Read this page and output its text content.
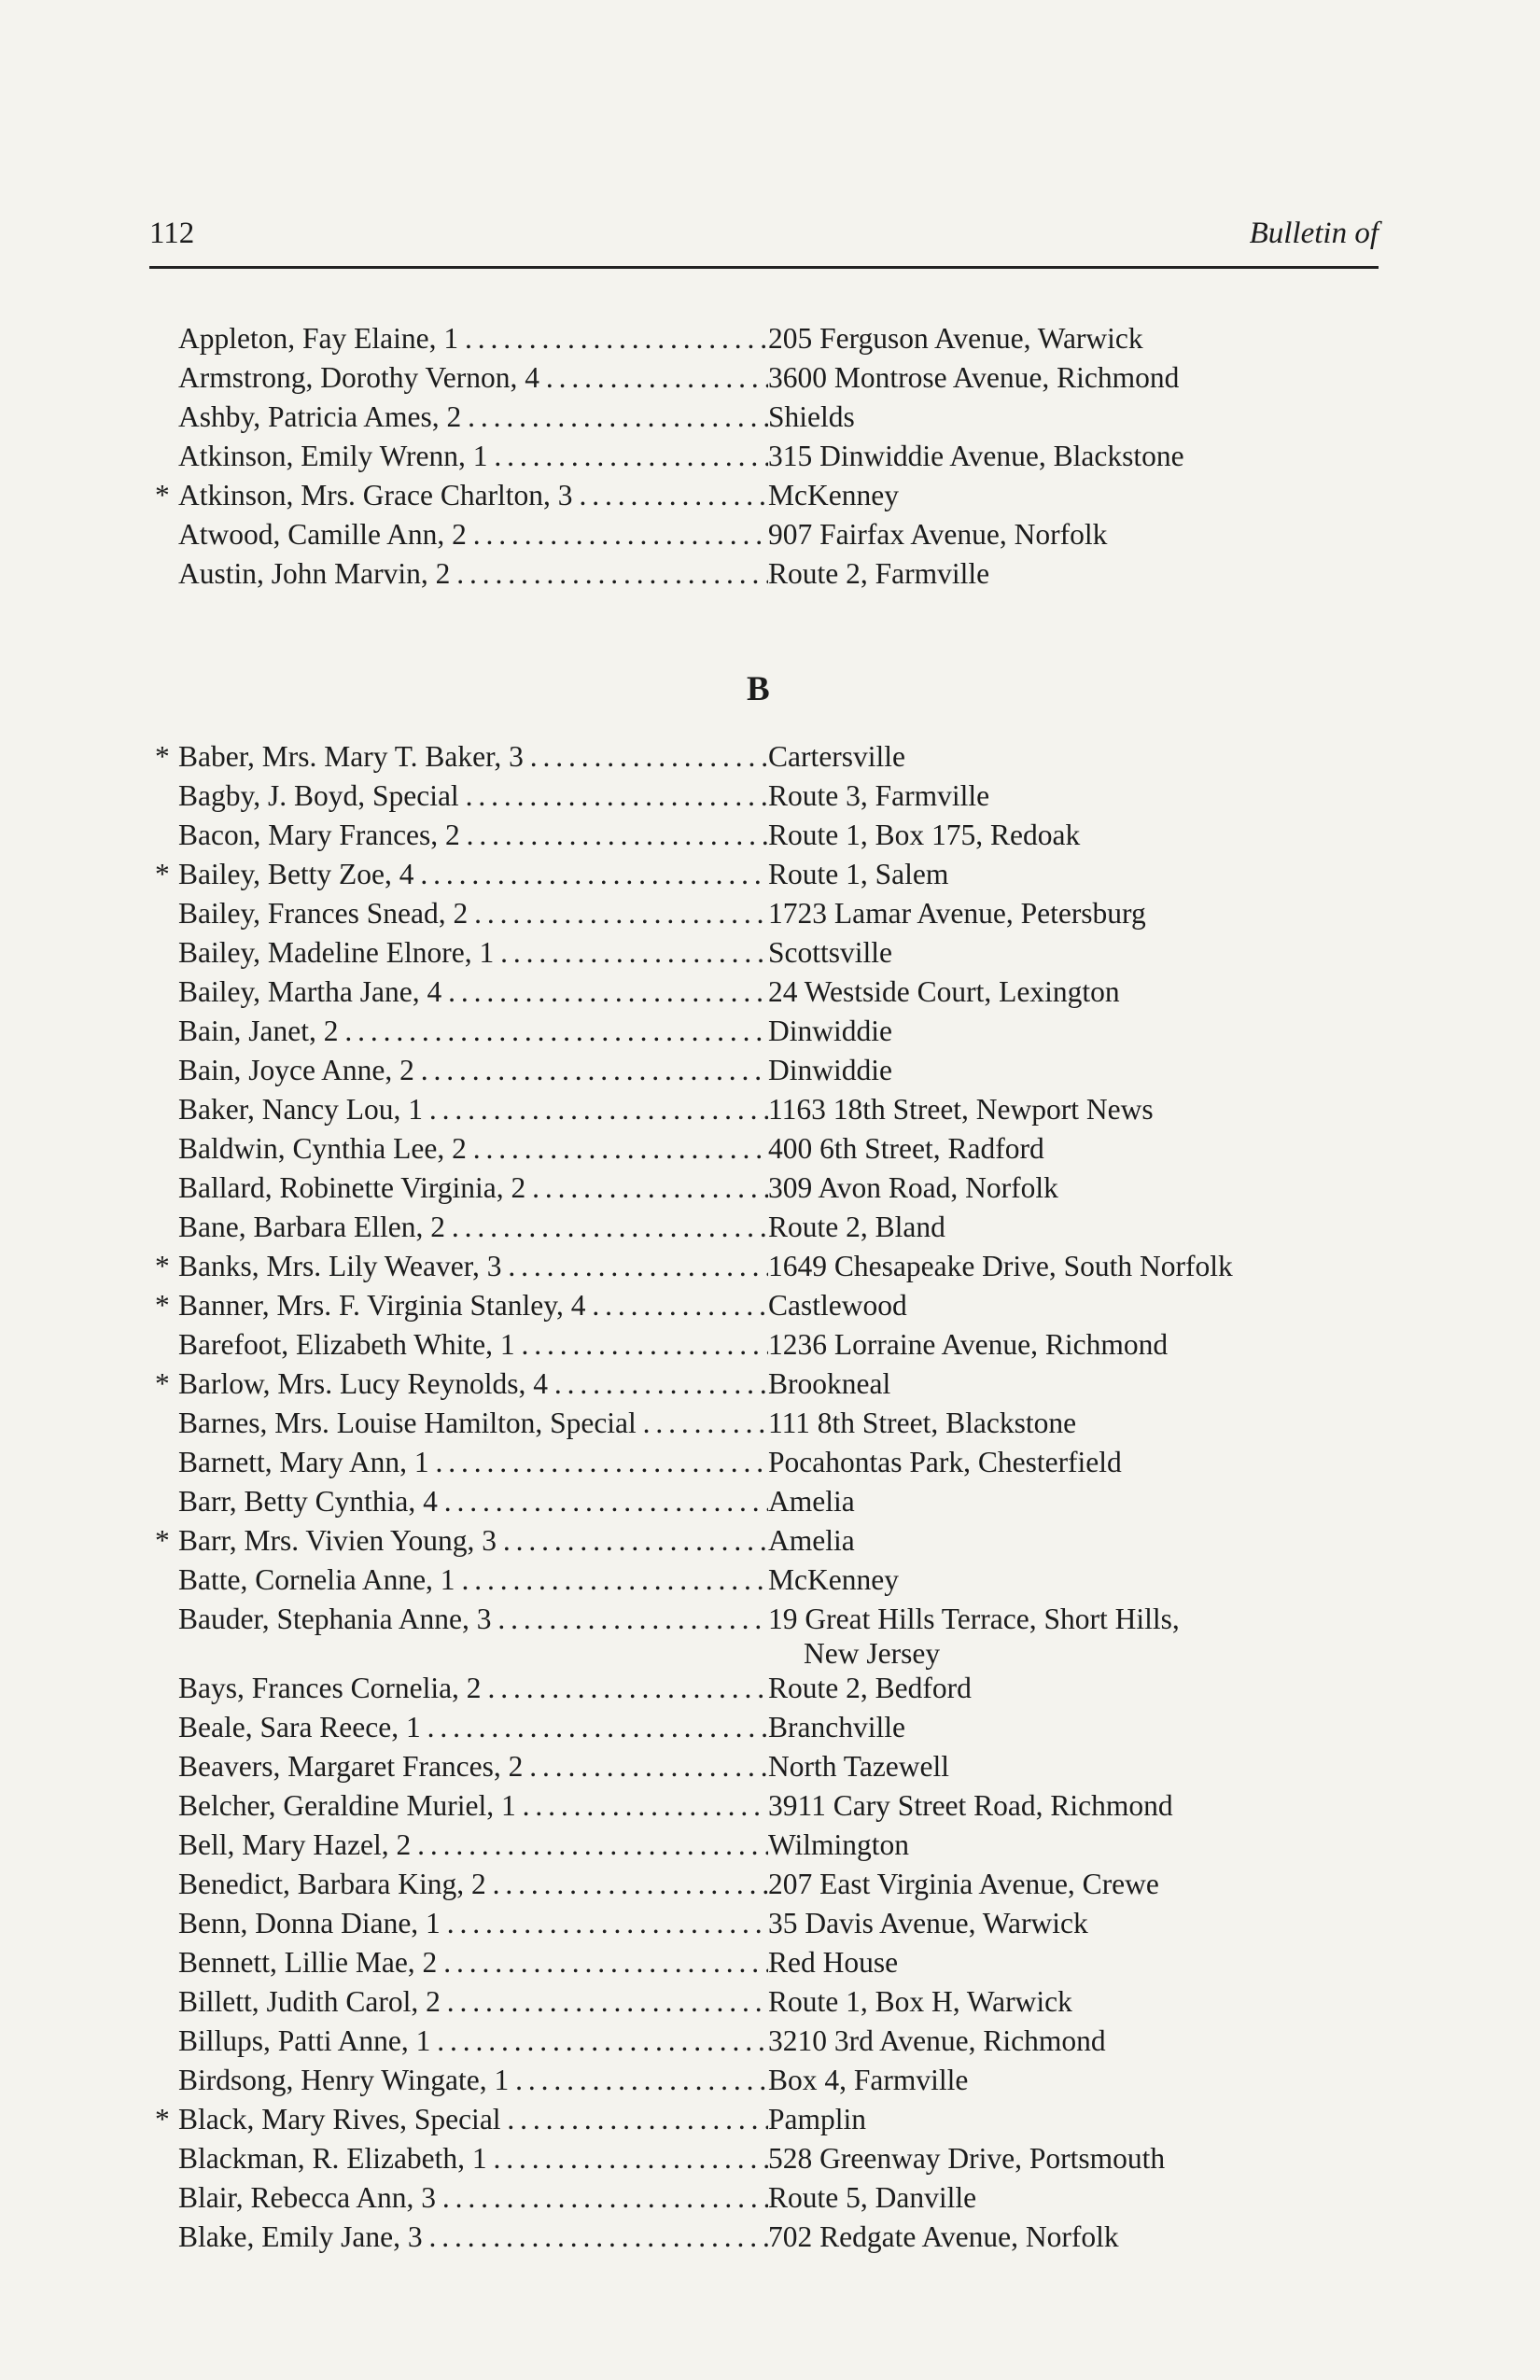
112	Bulletin of
Appleton, Fay Elaine, 1 . . .	205 Ferguson Avenue, Warwick
Armstrong, Dorothy Vernon, 4 . . .	3600 Montrose Avenue, Richmond
Ashby, Patricia Ames, 2 . . .	Shields
Atkinson, Emily Wrenn, 1 . . .	315 Dinwiddie Avenue, Blackstone
* Atkinson, Mrs. Grace Charlton, 3 . . .	McKenney
Atwood, Camille Ann, 2 . . .	907 Fairfax Avenue, Norfolk
Austin, John Marvin, 2 . . .	Route 2, Farmville
B
* Baber, Mrs. Mary T. Baker, 3 . . .	Cartersville
Bagby, J. Boyd, Special . . .	Route 3, Farmville
Bacon, Mary Frances, 2 . . .	Route 1, Box 175, Redoak
* Bailey, Betty Zoe, 4 . . .	Route 1, Salem
Bailey, Frances Snead, 2 . . .	1723 Lamar Avenue, Petersburg
Bailey, Madeline Elnore, 1 . . .	Scottsville
Bailey, Martha Jane, 4 . . .	24 Westside Court, Lexington
Bain, Janet, 2 . . .	Dinwiddie
Bain, Joyce Anne, 2 . . .	Dinwiddie
Baker, Nancy Lou, 1 . . .	1163 18th Street, Newport News
Baldwin, Cynthia Lee, 2 . . .	400 6th Street, Radford
Ballard, Robinette Virginia, 2 . . .	309 Avon Road, Norfolk
Bane, Barbara Ellen, 2 . . .	Route 2, Bland
* Banks, Mrs. Lily Weaver, 3 . . .	1649 Chesapeake Drive, South Norfolk
* Banner, Mrs. F. Virginia Stanley, 4 . . .	Castlewood
Barefoot, Elizabeth White, 1 . . .	1236 Lorraine Avenue, Richmond
* Barlow, Mrs. Lucy Reynolds, 4 . . .	Brookneal
Barnes, Mrs. Louise Hamilton, Special . . .	111 8th Street, Blackstone
Barnett, Mary Ann, 1 . . .	Pocahontas Park, Chesterfield
Barr, Betty Cynthia, 4 . . .	Amelia
* Barr, Mrs. Vivien Young, 3 . . .	Amelia
Batte, Cornelia Anne, 1 . . .	McKenney
Bauder, Stephania Anne, 3 . . .	19 Great Hills Terrace, Short Hills,
New Jersey
Bays, Frances Cornelia, 2 . . .	Route 2, Bedford
Beale, Sara Reece, 1 . . .	Branchville
Beavers, Margaret Frances, 2 . . .	North Tazewell
Belcher, Geraldine Muriel, 1 . . .	3911 Cary Street Road, Richmond
Bell, Mary Hazel, 2 . . .	Wilmington
Benedict, Barbara King, 2 . . .	207 East Virginia Avenue, Crewe
Benn, Donna Diane, 1 . . .	35 Davis Avenue, Warwick
Bennett, Lillie Mae, 2 . . .	Red House
Billett, Judith Carol, 2 . . .	Route 1, Box H, Warwick
Billups, Patti Anne, 1 . . .	3210 3rd Avenue, Richmond
Birdsong, Henry Wingate, 1 . . .	Box 4, Farmville
* Black, Mary Rives, Special . . .	Pamplin
Blackman, R. Elizabeth, 1 . . .	528 Greenway Drive, Portsmouth
Blair, Rebecca Ann, 3 . . .	Route 5, Danville
Blake, Emily Jane, 3 . . .	702 Redgate Avenue, Norfolk
